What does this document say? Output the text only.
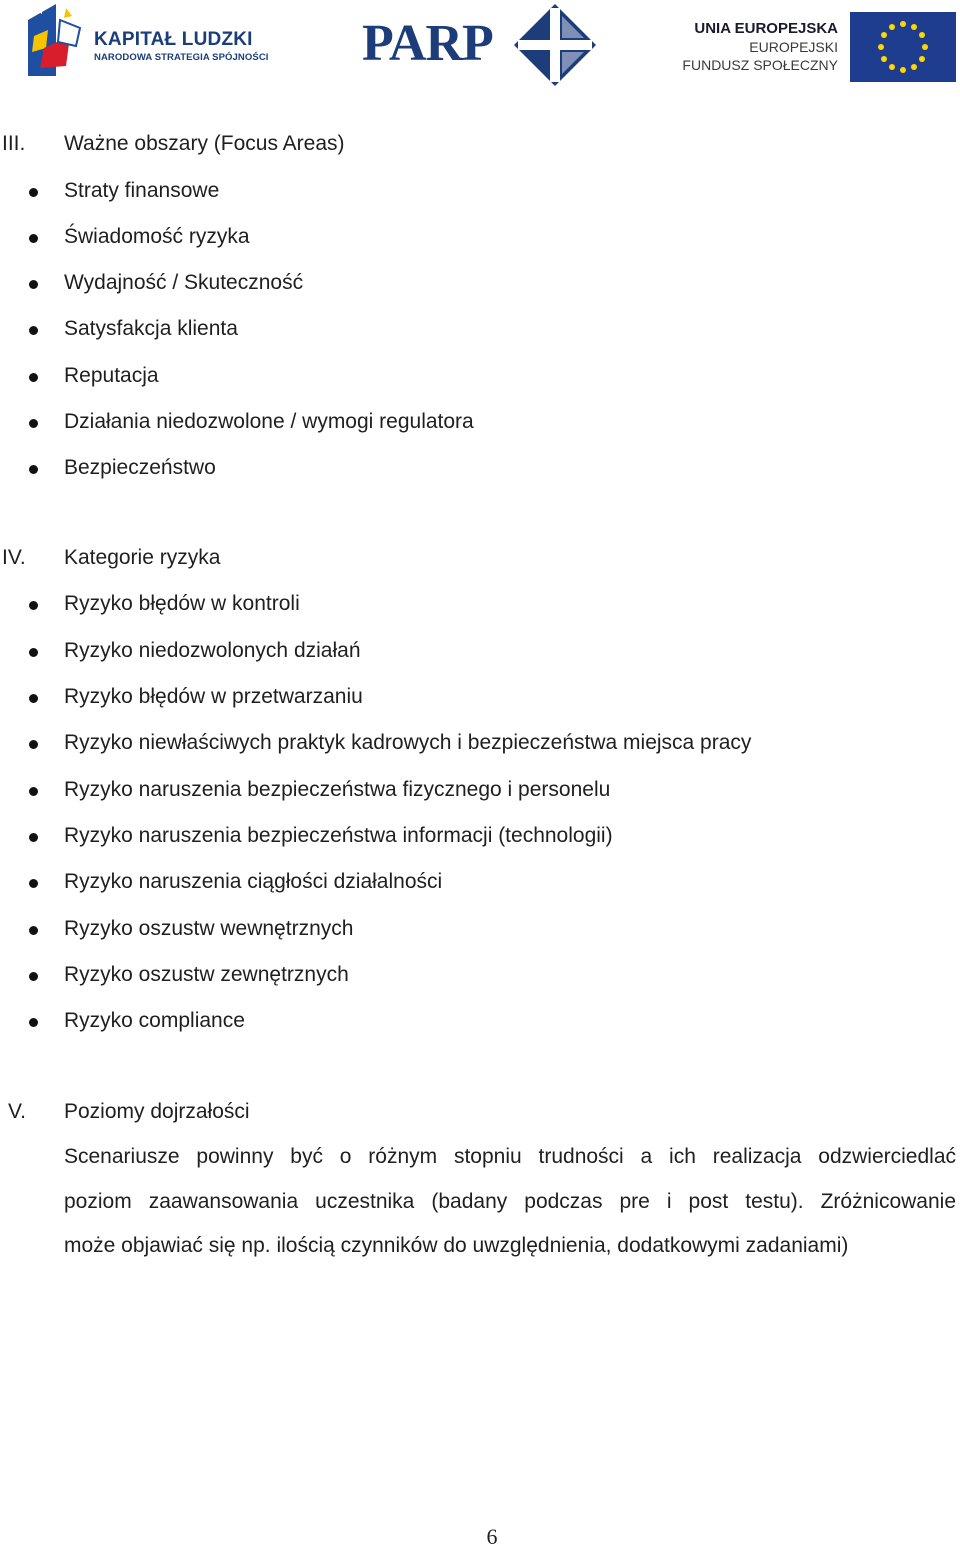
KAPITAŁ LUDZKI
NARODOWA STRATEGIA SPÓJNOŚCI PARP	UNIA EUROPEJSKA
EUROPEJSKI
FUNDUSZ SPOŁECZNY
III. Ważne obszary (Focus Areas)
Straty finansowe
Świadomość ryzyka
Wydajność / Skuteczność
Satysfakcja klienta
Reputacja
Działania niedozwolone / wymogi regulatora
Bezpieczeństwo
IV. Kategorie ryzyka
Ryzyko błędów w kontroli
Ryzyko niedozwolonych działań
Ryzyko błędów w przetwarzaniu
Ryzyko niewłaściwych praktyk kadrowych i bezpieczeństwa miejsca pracy
Ryzyko naruszenia bezpieczeństwa fizycznego i personelu
Ryzyko naruszenia bezpieczeństwa informacji (technologii)
Ryzyko naruszenia ciągłości działalności
Ryzyko oszustw wewnętrznych
Ryzyko oszustw zewnętrznych
Ryzyko compliance
V. Poziomy dojrzałości
Scenariusze powinny być o różnym stopniu trudności a ich realizacja odzwierciedlać
poziom zaawansowania uczestnika (badany podczas pre i post testu). Zróżnicowanie
może objawiać się np. ilością czynników do uwzględnienia, dodatkowymi zadaniami)
6
